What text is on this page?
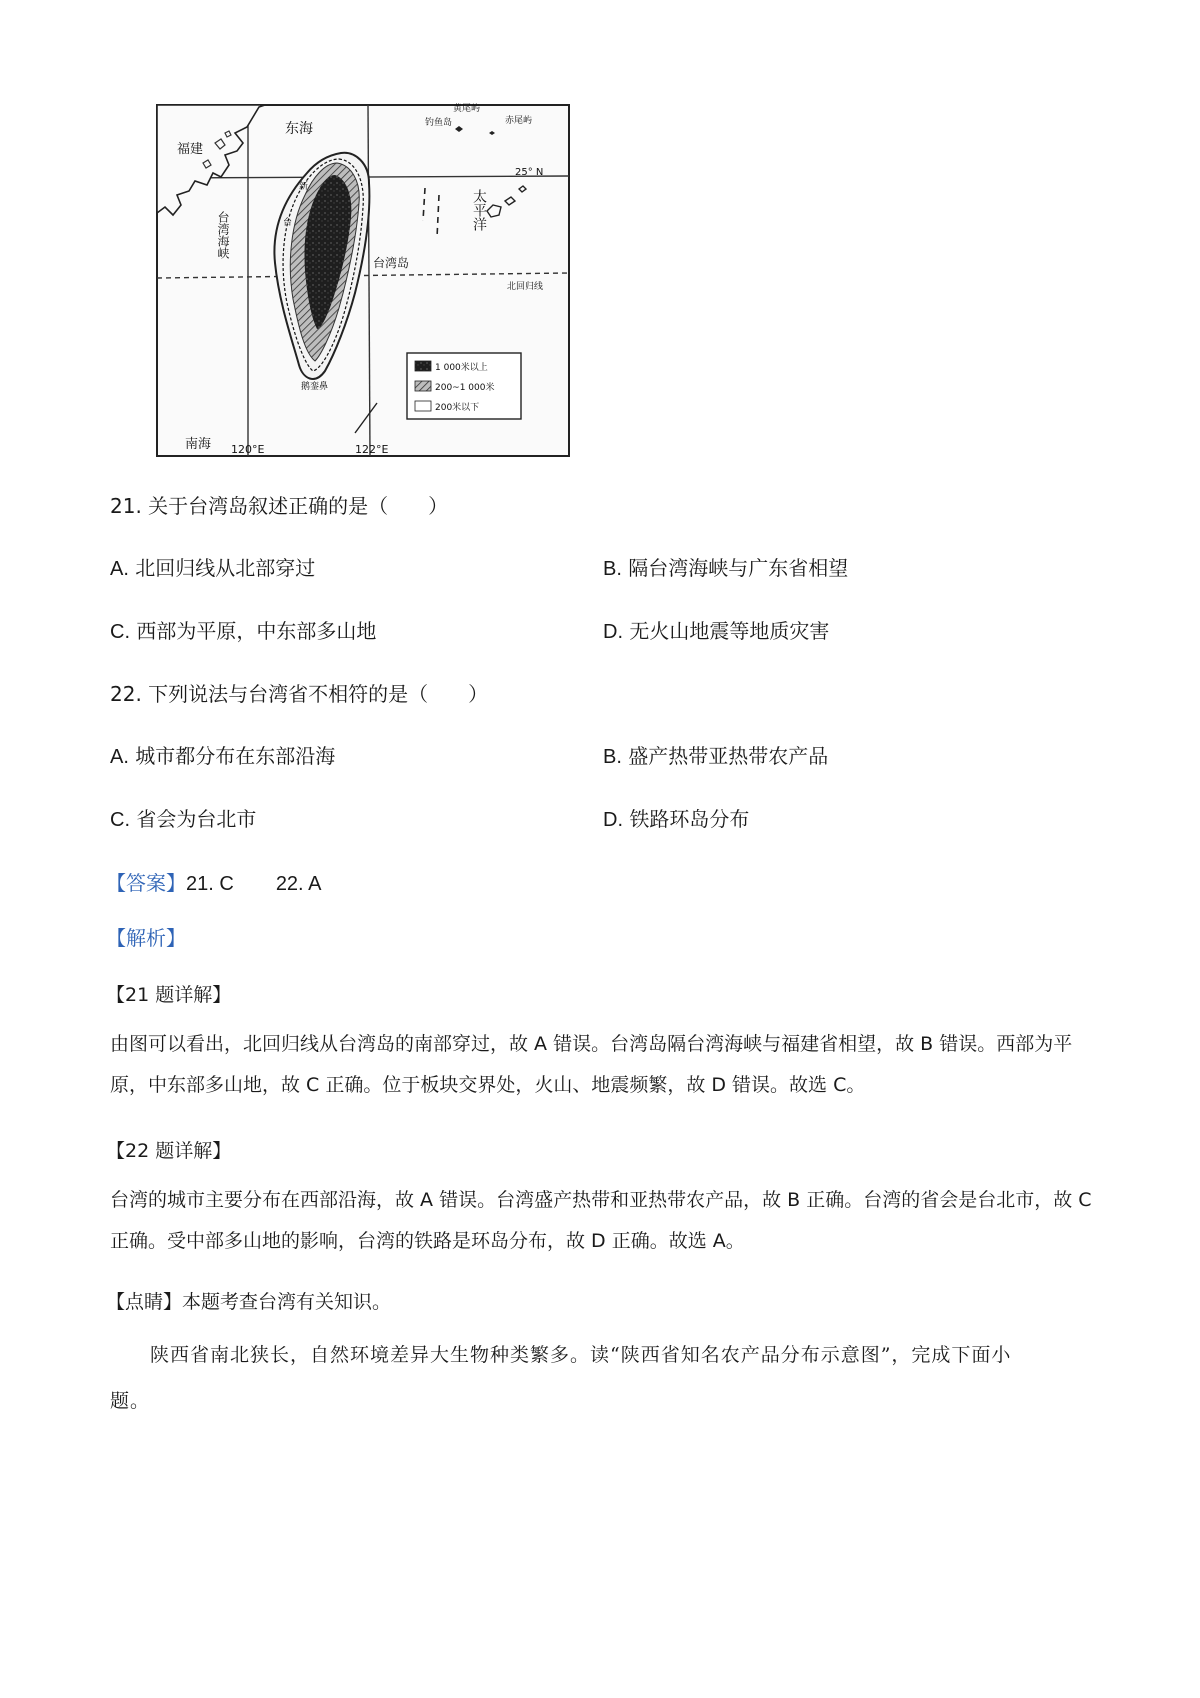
东海
福建
台湾海峡
新
台	太平洋
南海
台湾岛
钓鱼岛	赤尾屿
黄尾屿
25° N
北回归线
120°E	122°E
鹅銮鼻
1 000米以上
200~1 000米
200米以下
21. 关于台湾岛叙述正确的是（　　）
A. 北回归线从北部穿过	B. 隔台湾海峡与广东省相望
C. 西部为平原，中东部多山地	D. 无火山地震等地质灾害
22. 下列说法与台湾省不相符的是（　　）
A. 城市都分布在东部沿海	B. 盛产热带亚热带农产品
C. 省会为台北市	D. 铁路环岛分布
【答案】21. C 22. A
【解析】
【21 题详解】
由图可以看出，北回归线从台湾岛的南部穿过，故 A 错误。台湾岛隔台湾海峡与福建省相望，故 B 错误。西部为平原，中东部多山地，故 C 正确。位于板块交界处，火山、地震频繁，故 D 错误。故选 C。
【22 题详解】
台湾的城市主要分布在西部沿海，故 A 错误。台湾盛产热带和亚热带农产品，故 B 正确。台湾的省会是台北市，故 C 正确。受中部多山地的影响，台湾的铁路是环岛分布，故 D 正确。故选 A。
【点睛】本题考查台湾有关知识。
陕西省南北狭长，自然环境差异大生物种类繁多。读“陕西省知名农产品分布示意图”，完成下面小
题。
